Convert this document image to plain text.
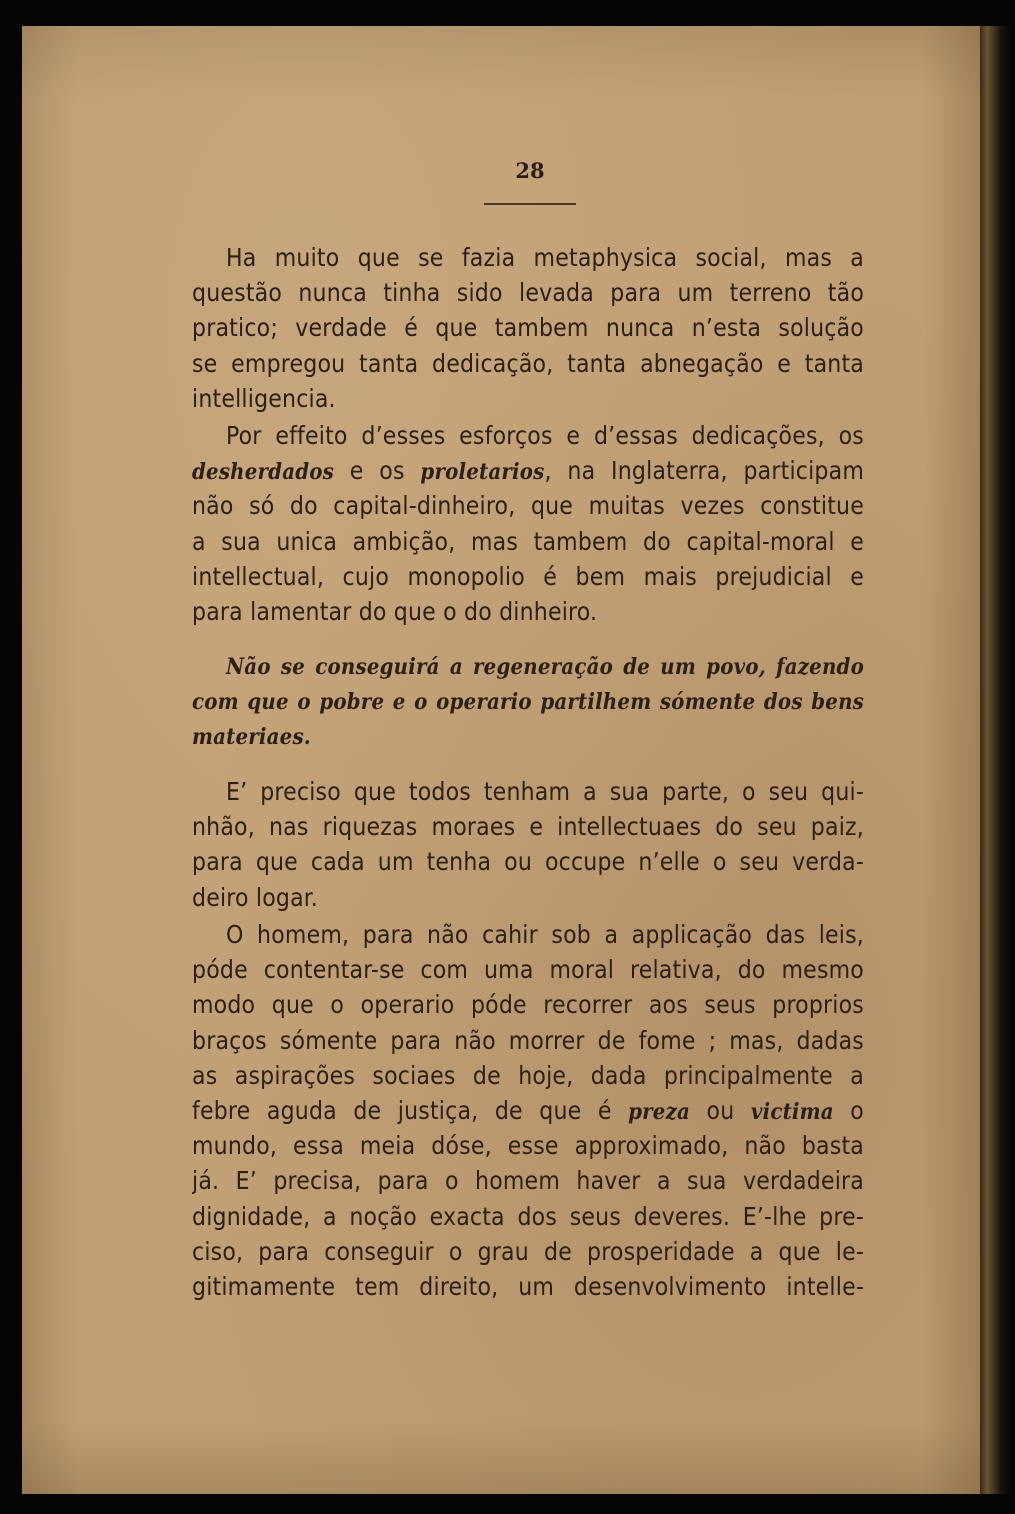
28
Ha muito que se fazia metaphysica social, mas a
questão nunca tinha sido levada para um terreno tão
pratico; verdade é que tambem nunca n’esta solução
se empregou tanta dedicação, tanta abnegação e tanta
intelligencia.
Por effeito d’esses esforços e d’essas dedicações, os
desherdados e os proletarios, na Inglaterra, participam
não só do capital-dinheiro, que muitas vezes constitue
a sua unica ambição, mas tambem do capital-moral e
intellectual, cujo monopolio é bem mais prejudicial e
para lamentar do que o do dinheiro.
Não se conseguirá a regeneração de um povo, fazendo
com que o pobre e o operario partilhem sómente dos bens
materiaes.
E’ preciso que todos tenham a sua parte, o seu qui-
nhão, nas riquezas moraes e intellectuaes do seu paiz,
para que cada um tenha ou occupe n’elle o seu verda-
deiro logar.
O homem, para não cahir sob a applicação das leis,
póde contentar-se com uma moral relativa, do mesmo
modo que o operario póde recorrer aos seus proprios
braços sómente para não morrer de fome ; mas, dadas
as aspirações sociaes de hoje, dada principalmente a
febre aguda de justiça, de que é preza ou victima o
mundo, essa meia dóse, esse approximado, não basta
já. E’ precisa, para o homem haver a sua verdadeira
dignidade, a noção exacta dos seus deveres. E’-lhe pre-
ciso, para conseguir o grau de prosperidade a que le-
gitimamente tem direito, um desenvolvimento intelle-
